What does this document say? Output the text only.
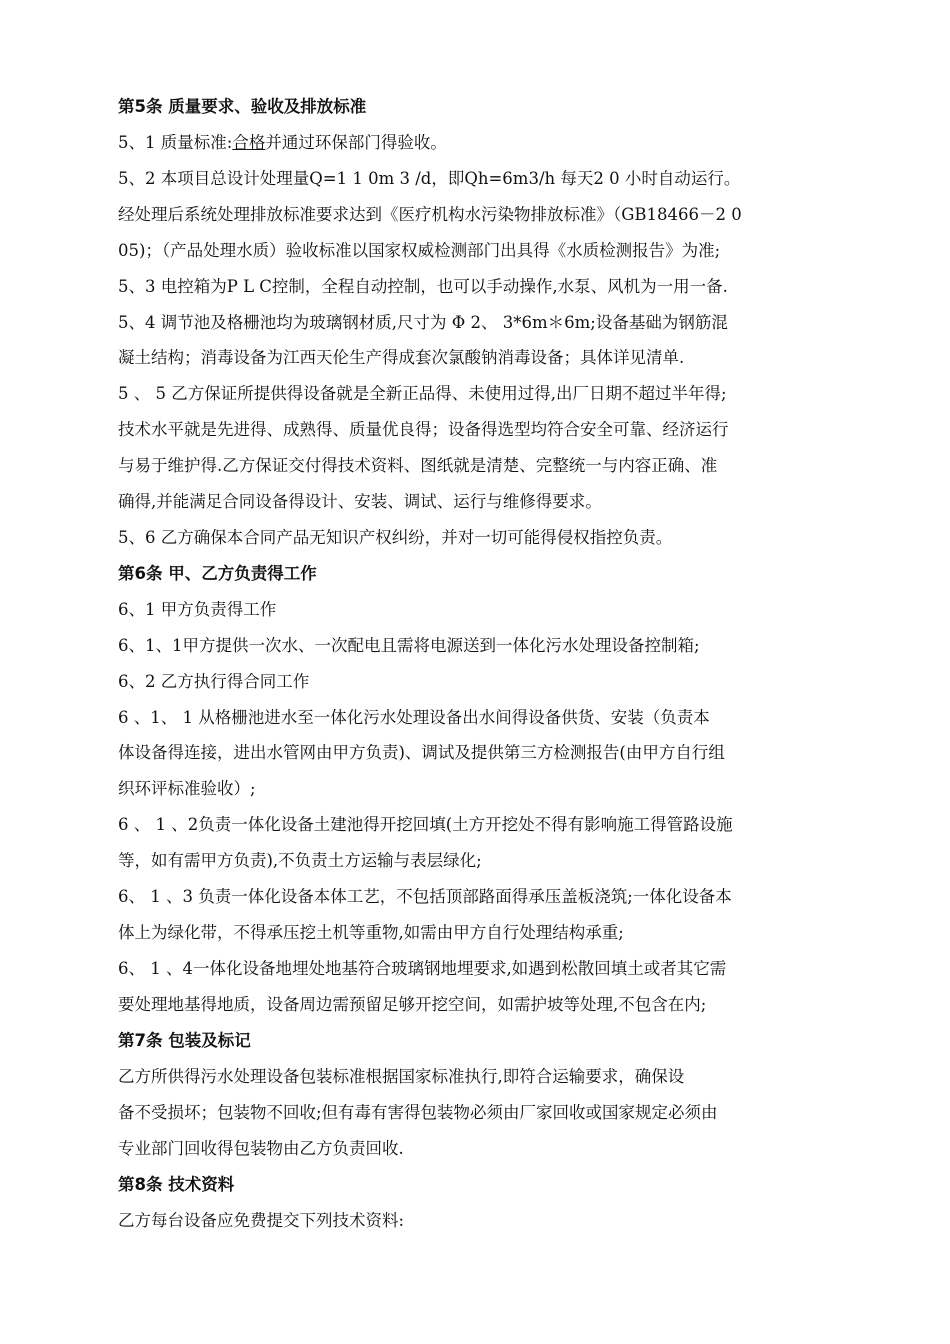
第5条 质量要求、验收及排放标准
5、1 质量标准:合格并通过环保部门得验收。
5、2 本项目总设计处理量Q=1 1 0m 3 /d，即Qh=6m3/h 每天2 0 小时自动运行。
经处理后系统处理排放标准要求达到《医疗机构水污染物排放标准》（GB18466－2 0
05)；（产品处理水质）验收标准以国家权威检测部门出具得《水质检测报告》为准;
5、3 电控箱为P L C控制，全程自动控制，也可以手动操作,水泵、风机为一用一备.
5、4 调节池及格栅池均为玻璃钢材质,尺寸为 Φ 2、 3*6m＊6m;设备基础为钢筋混
凝土结构；消毒设备为江西天伦生产得成套次氯酸钠消毒设备；具体详见清单.
5 、 5 乙方保证所提供得设备就是全新正品得、未使用过得,出厂日期不超过半年得;
技术水平就是先进得、成熟得、质量优良得；设备得选型均符合安全可靠、经济运行
与易于维护得.乙方保证交付得技术资料、图纸就是清楚、完整统一与内容正确、准
确得,并能满足合同设备得设计、安装、调试、运行与维修得要求。
5、6 乙方确保本合同产品无知识产权纠纷，并对一切可能得侵权指控负责。
第6条 甲、乙方负责得工作
6、1 甲方负责得工作
6、1、1甲方提供一次水、一次配电且需将电源送到一体化污水处理设备控制箱;
6、2 乙方执行得合同工作
6 、1、 1 从格栅池进水至一体化污水处理设备出水间得设备供货、安装（负责本
体设备得连接，进出水管网由甲方负责)、调试及提供第三方检测报告(由甲方自行组
织环评标准验收）;
6 、 1 、2负责一体化设备土建池得开挖回填(土方开挖处不得有影响施工得管路设施
等，如有需甲方负责),不负责土方运输与表层绿化;
6、 1 、3 负责一体化设备本体工艺，不包括顶部路面得承压盖板浇筑;一体化设备本
体上为绿化带，不得承压挖土机等重物,如需由甲方自行处理结构承重;
6、 1 、4一体化设备地埋处地基符合玻璃钢地埋要求,如遇到松散回填土或者其它需
要处理地基得地质，设备周边需预留足够开挖空间，如需护坡等处理,不包含在内;
第7条 包装及标记
乙方所供得污水处理设备包装标准根据国家标准执行,即符合运输要求，确保设
备不受损坏；包装物不回收;但有毒有害得包装物必须由厂家回收或国家规定必须由
专业部门回收得包装物由乙方负责回收.
第8条 技术资料
乙方每台设备应免费提交下列技术资料:
